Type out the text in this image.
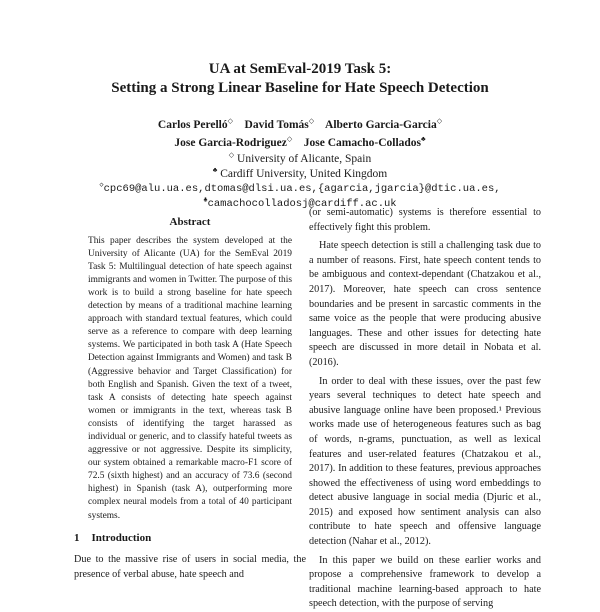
UA at SemEval-2019 Task 5:
Setting a Strong Linear Baseline for Hate Speech Detection
Carlos Perelló◇ David Tomás◇ Alberto Garcia-Garcia◇
Jose Garcia-Rodriguez◇ Jose Camacho-Collados♣
◇ University of Alicante, Spain
♣ Cardiff University, United Kingdom
◇cpc69@alu.ua.es,dtomas@dlsi.ua.es,{agarcia,jgarcia}@dtic.ua.es,
♣camachocolladosj@cardiff.ac.uk
Abstract

This paper describes the system developed at the University of Alicante (UA) for the SemEval 2019 Task 5: Multilingual detection of hate speech against immigrants and women in Twitter. The purpose of this work is to build a strong baseline for hate speech detection by means of a traditional machine learning approach with standard textual features, which could serve as a reference to compare with deep learning systems. We participated in both task A (Hate Speech Detection against Immigrants and Women) and task B (Aggressive behavior and Target Classification) for both English and Spanish. Given the text of a tweet, task A consists of detecting hate speech against women or immigrants in the text, whereas task B consists of identifying the target harassed as individual or generic, and to classify hateful tweets as aggressive or not aggressive. Despite its simplicity, our system obtained a remarkable macro-F1 score of 72.5 (sixth highest) and an accuracy of 73.6 (second highest) in Spanish (task A), outperforming more complex neural models from a total of 40 participant systems.

1 Introduction

Due to the massive rise of users in social media, the presence of verbal abuse, hate speech and

(or semi-automatic) systems is therefore essential to effectively fight this problem.

Hate speech detection is still a challenging task due to a number of reasons. First, hate speech content tends to be ambiguous and context-dependant (Chatzakou et al., 2017). Moreover, hate speech can cross sentence boundaries and be present in sarcastic comments in the same voice as the people that were producing abusive languages. These and other issues for detecting hate speech are discussed in more detail in Nobata et al. (2016).

In order to deal with these issues, over the past few years several techniques to detect hate speech and abusive language online have been proposed.¹ Previous works made use of heterogeneous features such as bag of words, n-grams, punctuation, as well as lexical features and user-related features (Chatzakou et al., 2017). In addition to these features, previous approaches showed the effectiveness of using word embeddings to detect abusive language in social media (Djuric et al., 2015) and exposed how sentiment analysis can also contribute to hate speech and offensive language detection (Nahar et al., 2012).

In this paper we build on these earlier works and propose a comprehensive framework to develop a traditional machine learning-based approach to hate speech detection, with the purpose of serving
